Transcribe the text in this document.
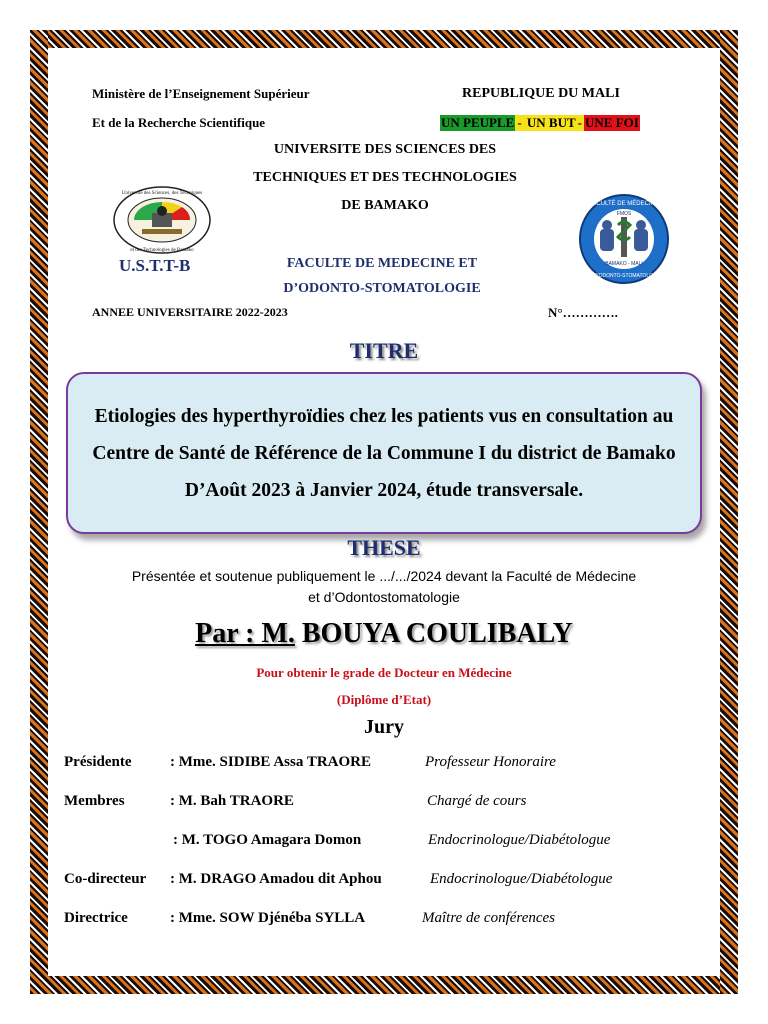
Ministère de l’Enseignement Supérieur
Et de la Recherche Scientifique
REPUBLIQUE DU MALI
UN PEUPLE - UN BUT - UNE FOI
UNIVERSITE DES SCIENCES DES
TECHNIQUES ET DES TECHNOLOGIES
DE BAMAKO
Université des Sciences, des Techniques
et des Technologies de Bamako
U.S.T.T-B
FACULTÉ DE MÉDECINE
FMOS
BAMAKO - MALI
ET D'ODONTO-STOMATOLOGIE
FACULTE DE MEDECINE ET
D’ODONTO-STOMATOLOGIE
ANNEE UNIVERSITAIRE 2022-2023	N°………….
TITRE
Etiologies des hyperthyroïdies chez les patients vus en consultation au Centre de Santé de Référence de la Commune I du district de Bamako D’Août 2023 à Janvier 2024, étude transversale.
THESE
Présentée et soutenue publiquement le .../.../2024 devant la Faculté de Médecine
et d’Odontostomatologie
Par : M. BOUYA COULIBALY
Pour obtenir le grade de Docteur en Médecine
(Diplôme d’Etat)
Jury
Présidente	: Mme. SIDIBE Assa TRAORE	Professeur Honoraire
Membres	: M. Bah TRAORE	Chargé de cours
: M. TOGO Amagara Domon	Endocrinologue/Diabétologue
Co-directeur : M. DRAGO Amadou dit Aphou	Endocrinologue/Diabétologue
Directrice	: Mme. SOW Djénéba SYLLA	Maître de conférences
